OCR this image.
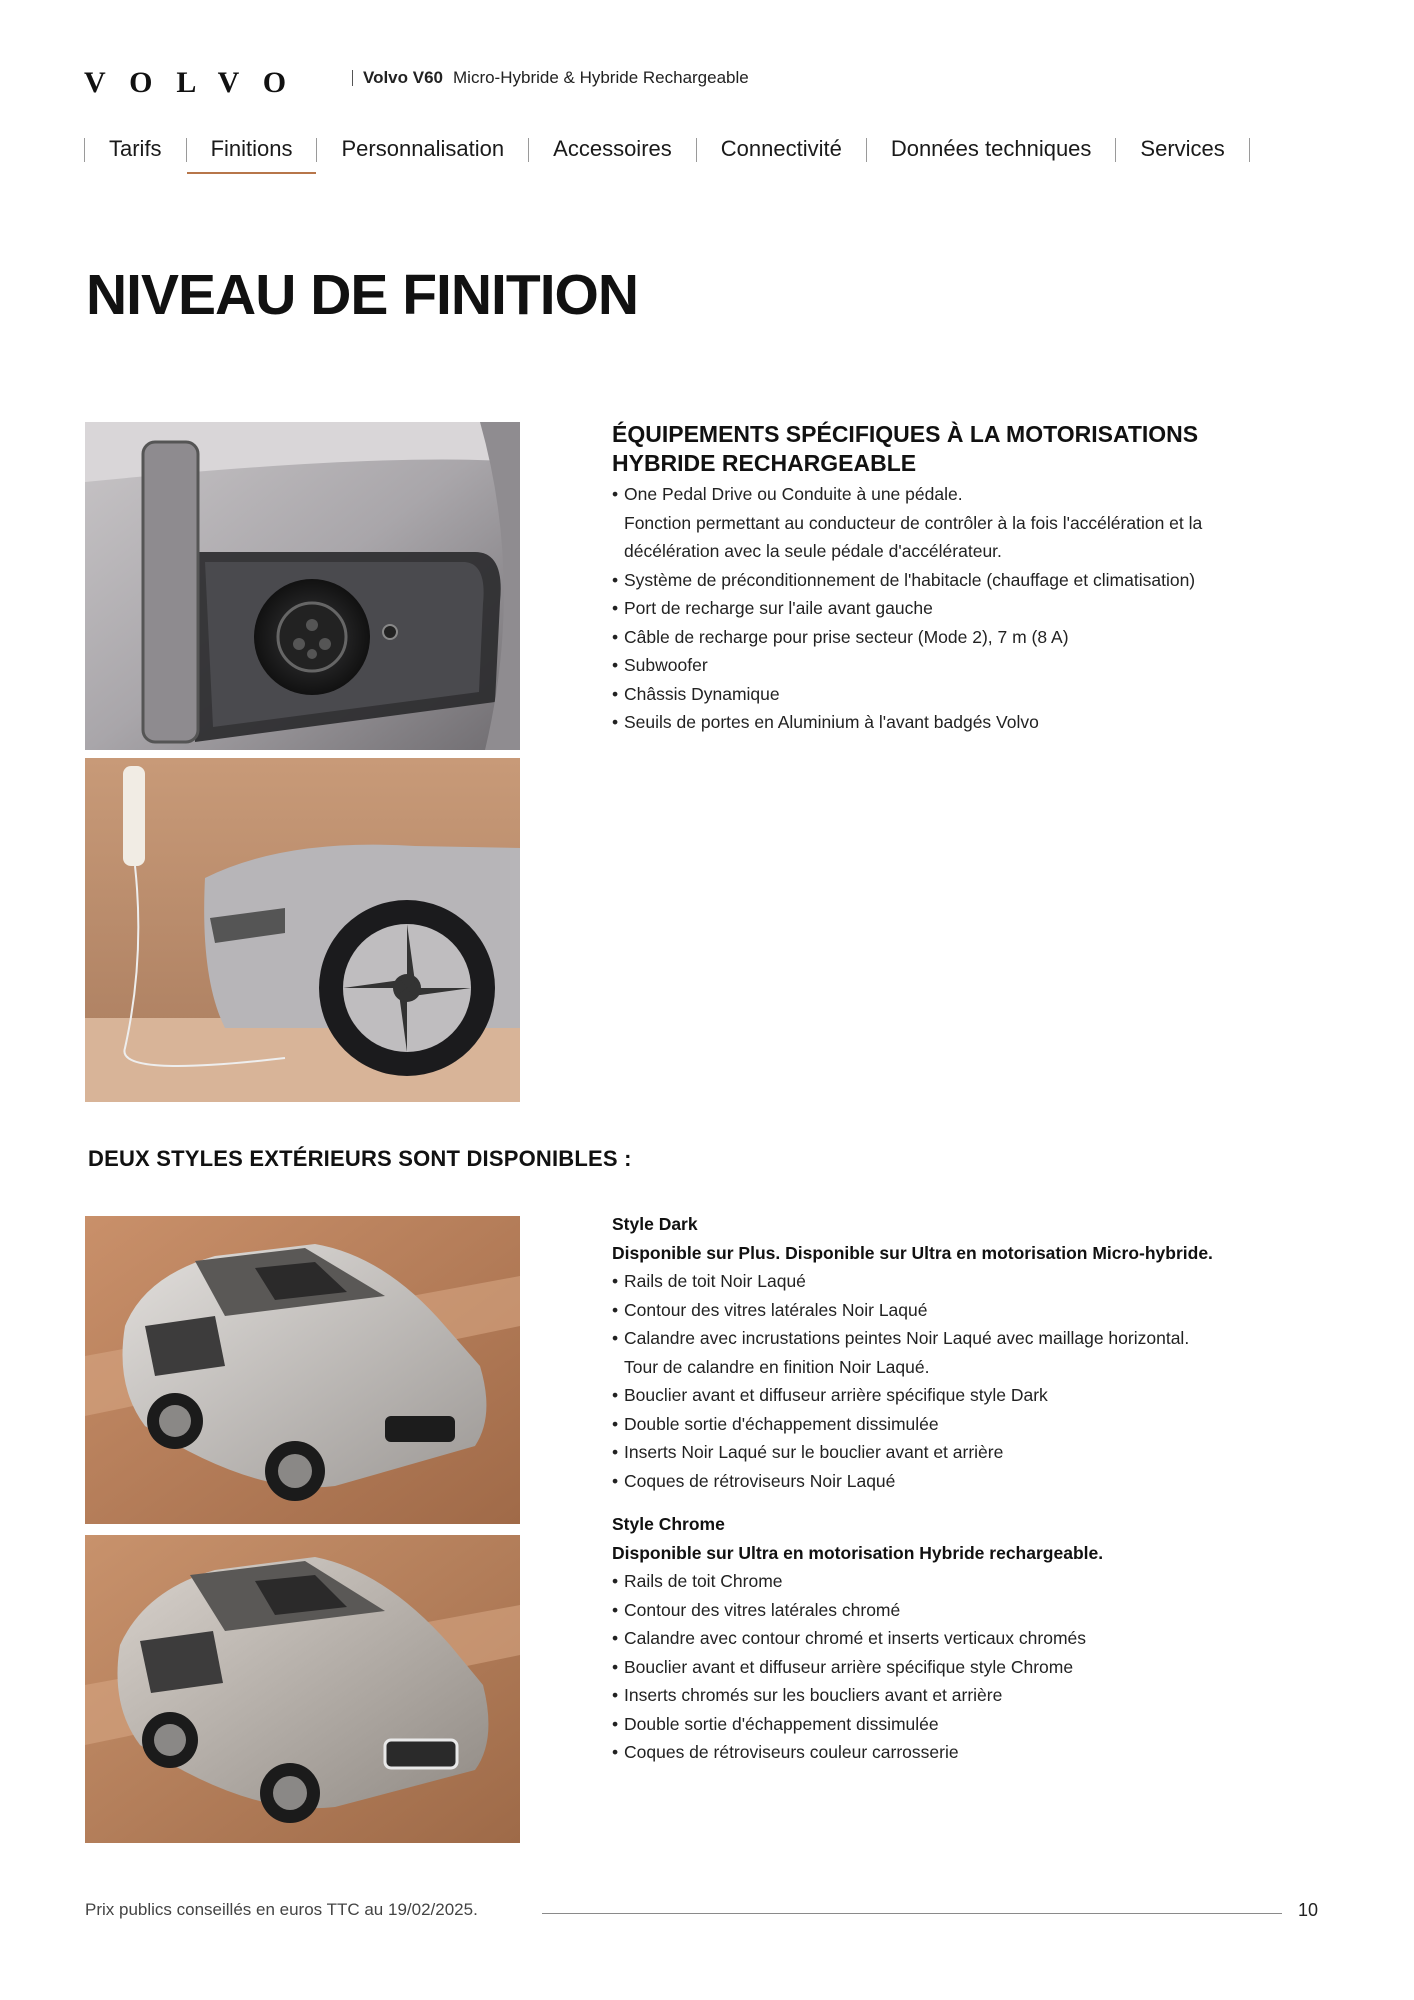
VOLVO	Volvo V60 Micro-Hybride & Hybride Rechargeable
Tarifs	Finitions	Personnalisation	Accessoires	Connectivité	Données techniques	Services
NIVEAU DE FINITION
ÉQUIPEMENTS SPÉCIFIQUES À LA MOTORISATIONS
HYBRIDE RECHARGEABLE
• One Pedal Drive ou Conduite à une pédale.
Fonction permettant au conducteur de contrôler à la fois l'accélération et la
décélération avec la seule pédale d'accélérateur.
• Système de préconditionnement de l'habitacle (chauffage et climatisation)
• Port de recharge sur l'aile avant gauche
• Câble de recharge pour prise secteur (Mode 2), 7 m (8 A)
• Subwoofer
• Châssis Dynamique
• Seuils de portes en Aluminium à l'avant badgés Volvo
DEUX STYLES EXTÉRIEURS SONT DISPONIBLES :
Style Dark
Disponible sur Plus. Disponible sur Ultra en motorisation Micro-hybride.
• Rails de toit Noir Laqué
• Contour des vitres latérales Noir Laqué
• Calandre avec incrustations peintes Noir Laqué avec maillage horizontal.
Tour de calandre en finition Noir Laqué.
• Bouclier avant et diffuseur arrière spécifique style Dark
• Double sortie d'échappement dissimulée
• Inserts Noir Laqué sur le bouclier avant et arrière
• Coques de rétroviseurs Noir Laqué
Style Chrome
Disponible sur Ultra en motorisation Hybride rechargeable.
• Rails de toit Chrome
• Contour des vitres latérales chromé
• Calandre avec contour chromé et inserts verticaux chromés
• Bouclier avant et diffuseur arrière spécifique style Chrome
• Inserts chromés sur les boucliers avant et arrière
• Double sortie d'échappement dissimulée
• Coques de rétroviseurs couleur carrosserie
Prix publics conseillés en euros TTC au 19/02/2025.	10
